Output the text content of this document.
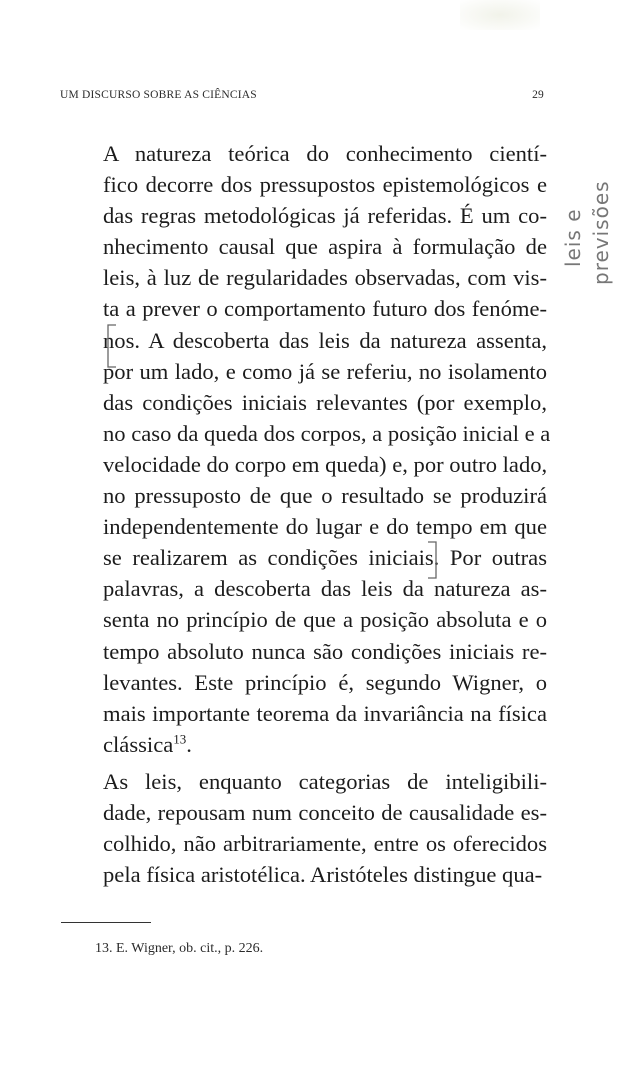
UM DISCURSO SOBRE AS CIÊNCIAS	29

A natureza teórica do conhecimento cientí-
fico decorre dos pressupostos epistemológicos e
das regras metodológicas já referidas. É um co-
nhecimento causal que aspira à formulação de
leis, à luz de regularidades observadas, com vis-
ta a prever o comportamento futuro dos fenóme-
nos. A descoberta das leis da natureza assenta,
por um lado, e como já se referiu, no isolamento
das condições iniciais relevantes (por exemplo,
no caso da queda dos corpos, a posição inicial e a
velocidade do corpo em queda) e, por outro lado,
no pressuposto de que o resultado se produzirá
independentemente do lugar e do tempo em que
se realizarem as condições iniciais. Por outras
palavras, a descoberta das leis da natureza as-
senta no princípio de que a posição absoluta e o
tempo absoluto nunca são condições iniciais re-
levantes. Este princípio é, segundo Wigner, o
mais importante teorema da invariância na física
clássica$^{13}$.

As leis, enquanto categorias de inteligibili-
dade, repousam num conceito de causalidade es-
colhido, não arbitrariamente, entre os oferecidos
pela física aristotélica. Aristóteles distingue qua-

13. E. Wigner, ob. cit., p. 226.
leis e previsões
